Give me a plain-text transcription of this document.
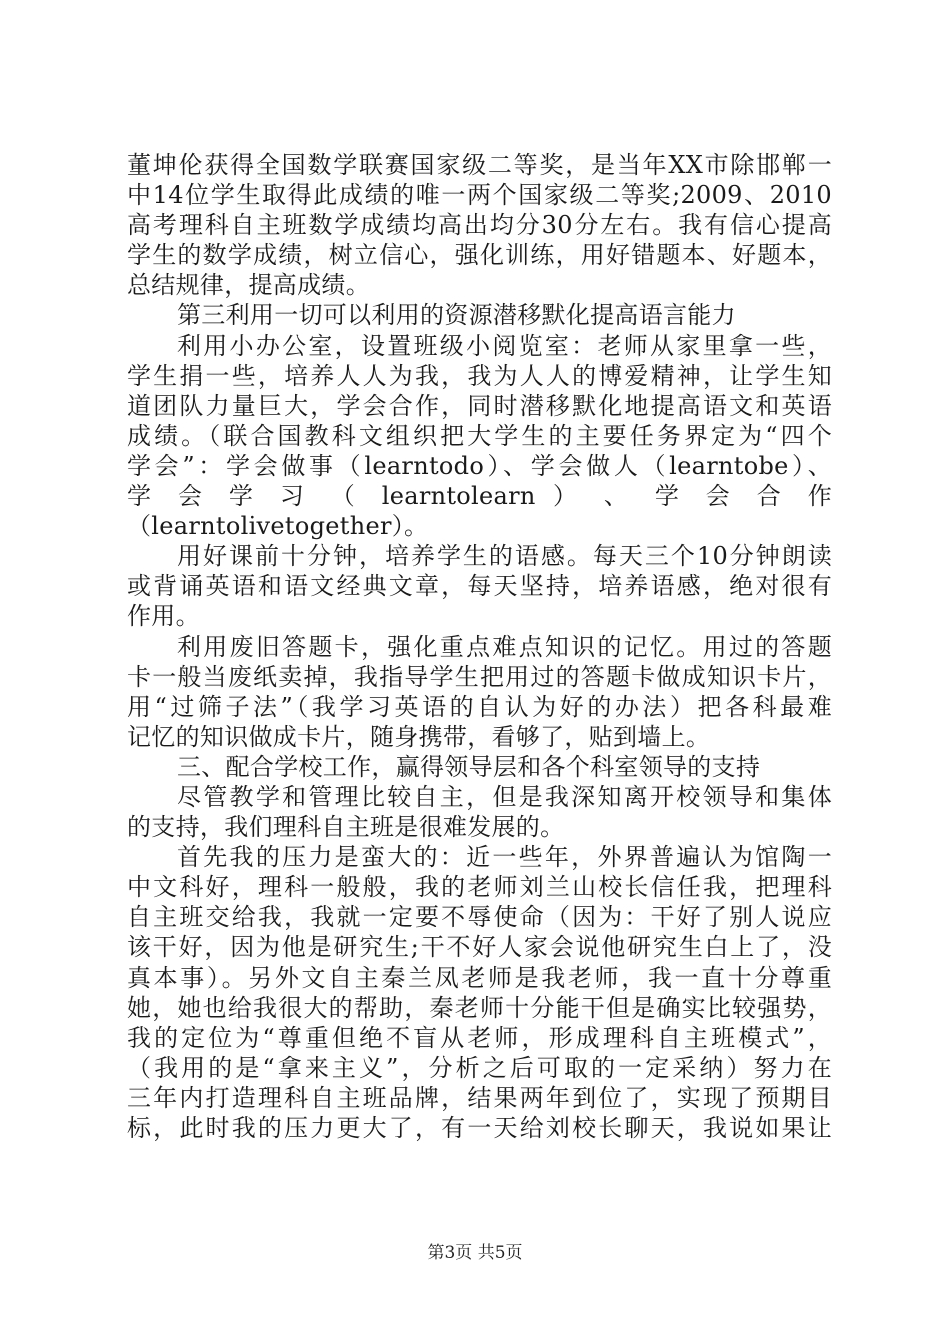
董坤伦获得全国数学联赛国家级二等奖，是当年XX市除邯郸一
中14位学生取得此成绩的唯一两个国家级二等奖;2009、2010
高考理科自主班数学成绩均高出均分30分左右。我有信心提高
学生的数学成绩，树立信心，强化训练，用好错题本、好题本，
总结规律，提高成绩。
第三利用一切可以利用的资源潜移默化提高语言能力
利用小办公室，设置班级小阅览室：老师从家里拿一些，
学生捐一些，培养人人为我，我为人人的博爱精神，让学生知
道团队力量巨大，学会合作，同时潜移默化地提高语文和英语
成绩。（联合国教科文组织把大学生的主要任务界定为“四个
学会”：学会做事（learntodo）、学会做人（learntobe）、
学 会 学 习 （ learntolearn ） 、 学 会 合 作
（learntolivetogether）。
用好课前十分钟，培养学生的语感。每天三个10分钟朗读
或背诵英语和语文经典文章，每天坚持，培养语感，绝对很有
作用。
利用废旧答题卡，强化重点难点知识的记忆。用过的答题
卡一般当废纸卖掉，我指导学生把用过的答题卡做成知识卡片，
用“过筛子法”（我学习英语的自认为好的办法）把各科最难
记忆的知识做成卡片，随身携带，看够了，贴到墙上。
三、配合学校工作，赢得领导层和各个科室领导的支持
尽管教学和管理比较自主，但是我深知离开校领导和集体
的支持，我们理科自主班是很难发展的。
首先我的压力是蛮大的：近一些年，外界普遍认为馆陶一
中文科好，理科一般般，我的老师刘兰山校长信任我，把理科
自主班交给我，我就一定要不辱使命（因为：干好了别人说应
该干好，因为他是研究生;干不好人家会说他研究生白上了，没
真本事）。另外文自主秦兰凤老师是我老师，我一直十分尊重
她，她也给我很大的帮助，秦老师十分能干但是确实比较强势，
我的定位为“尊重但绝不盲从老师，形成理科自主班模式”，
（我用的是“拿来主义”，分析之后可取的一定采纳）努力在
三年内打造理科自主班品牌，结果两年到位了，实现了预期目
标，此时我的压力更大了，有一天给刘校长聊天，我说如果让
第3页 共5页
